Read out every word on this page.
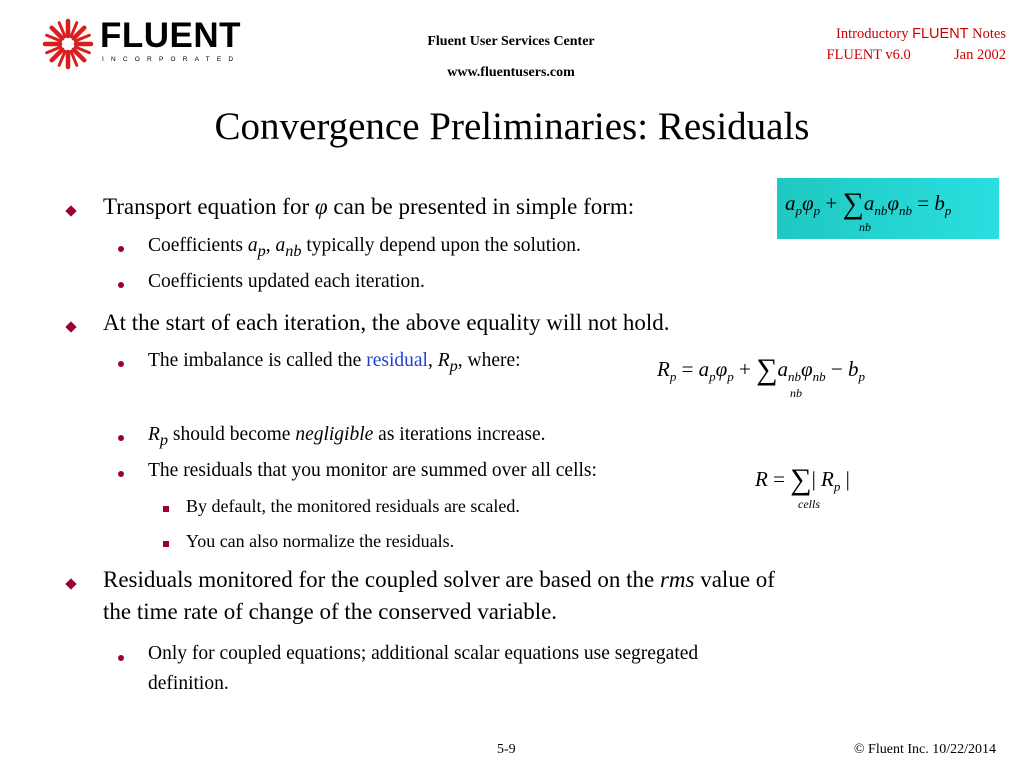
FLUENT
INCORPORATED
Fluent User Services Center
www.fluentusers.com
Introductory FLUENT Notes
FLUENT v6.0	Jan 2002
Convergence Preliminaries: Residuals
Transport equation for φ can be presented in simple form:	$a_p\varphi_p + \sum a_{nb}\varphi_{nb} = b_p$
nb
Coefficients $a_p$, $a_{nb}$ typically depend upon the solution.
Coefficients updated each iteration.
At the start of each iteration, the above equality will not hold.
The imbalance is called the residual, $R_p$, where:	$R_p = a_p\varphi_p + \sum a_{nb}\varphi_{nb} - b_p$
nb
$R_p$ should become negligible as iterations increase.
The residuals that you monitor are summed over all cells:	R = ∑| $R_p$ |
cells
By default, the monitored residuals are scaled.
You can also normalize the residuals.
Residuals monitored for the coupled solver are based on the rms value of
the time rate of change of the conserved variable.
Only for coupled equations; additional scalar equations use segregated
definition.
5-9	© Fluent Inc. 10/22/2014
